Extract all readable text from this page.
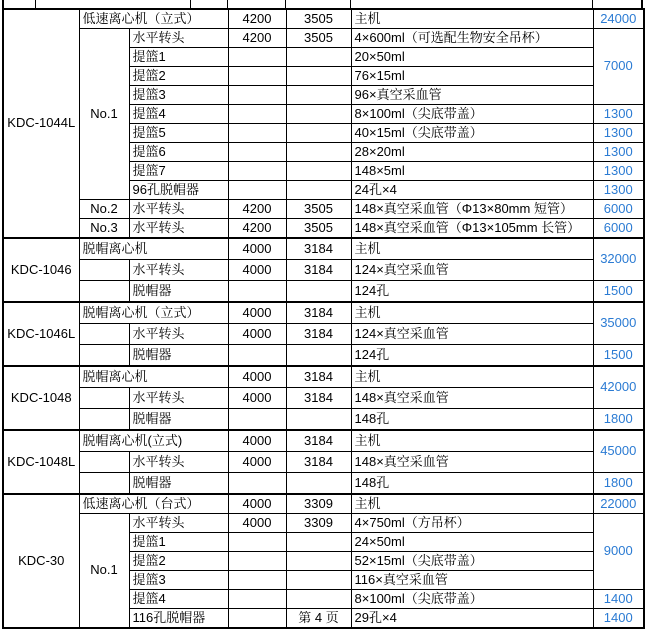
KDC-1044L	低速离心机（立式）		4200	3505	主机	24000
	No.1	水平转头	4200	3505	4×600ml（可选配生物安全吊杯）	7000
		提篮1			20×50ml	
		提篮2			76×15ml	
		提篮3			96×真空采血管	
		提篮4			8×100ml（尖底带盖）	1300
		提篮5			40×15ml（尖底带盖）	1300
		提篮6			28×20ml	1300
		提篮7			148×5ml	1300
		96孔脱帽器			24孔×4	1300
	No.2	水平转头	4200	3505	148×真空采血管（Φ13×80mm 短管）	6000
	No.3	水平转头	4200	3505	148×真空采血管（Φ13×105mm 长管）	6000
KDC-1046	脱帽离心机		4000	3184	主机	32000
		水平转头	4000	3184	124×真空采血管	
		脱帽器			124孔	1500
KDC-1046L	脱帽离心机（立式）		4000	3184	主机	35000
		水平转头	4000	3184	124×真空采血管	
		脱帽器			124孔	1500
KDC-1048	脱帽离心机		4000	3184	主机	42000
		水平转头	4000	3184	148×真空采血管	
		脱帽器			148孔	1800
KDC-1048L	脱帽离心机(立式)		4000	3184	主机	45000
		水平转头	4000	3184	148×真空采血管	
		脱帽器			148孔	1800
KDC-30	低速离心机（台式）		4000	3309	主机	22000
	No.1	水平转头	4000	3309	4×750ml（方吊杯）	9000
		提篮1			24×50ml	
		提篮2			52×15ml（尖底带盖）	
		提篮3			116×真空采血管	
		提篮4			8×100ml（尖底带盖）	1400
		116孔脱帽器		第 4 页	29孔×4	1400
